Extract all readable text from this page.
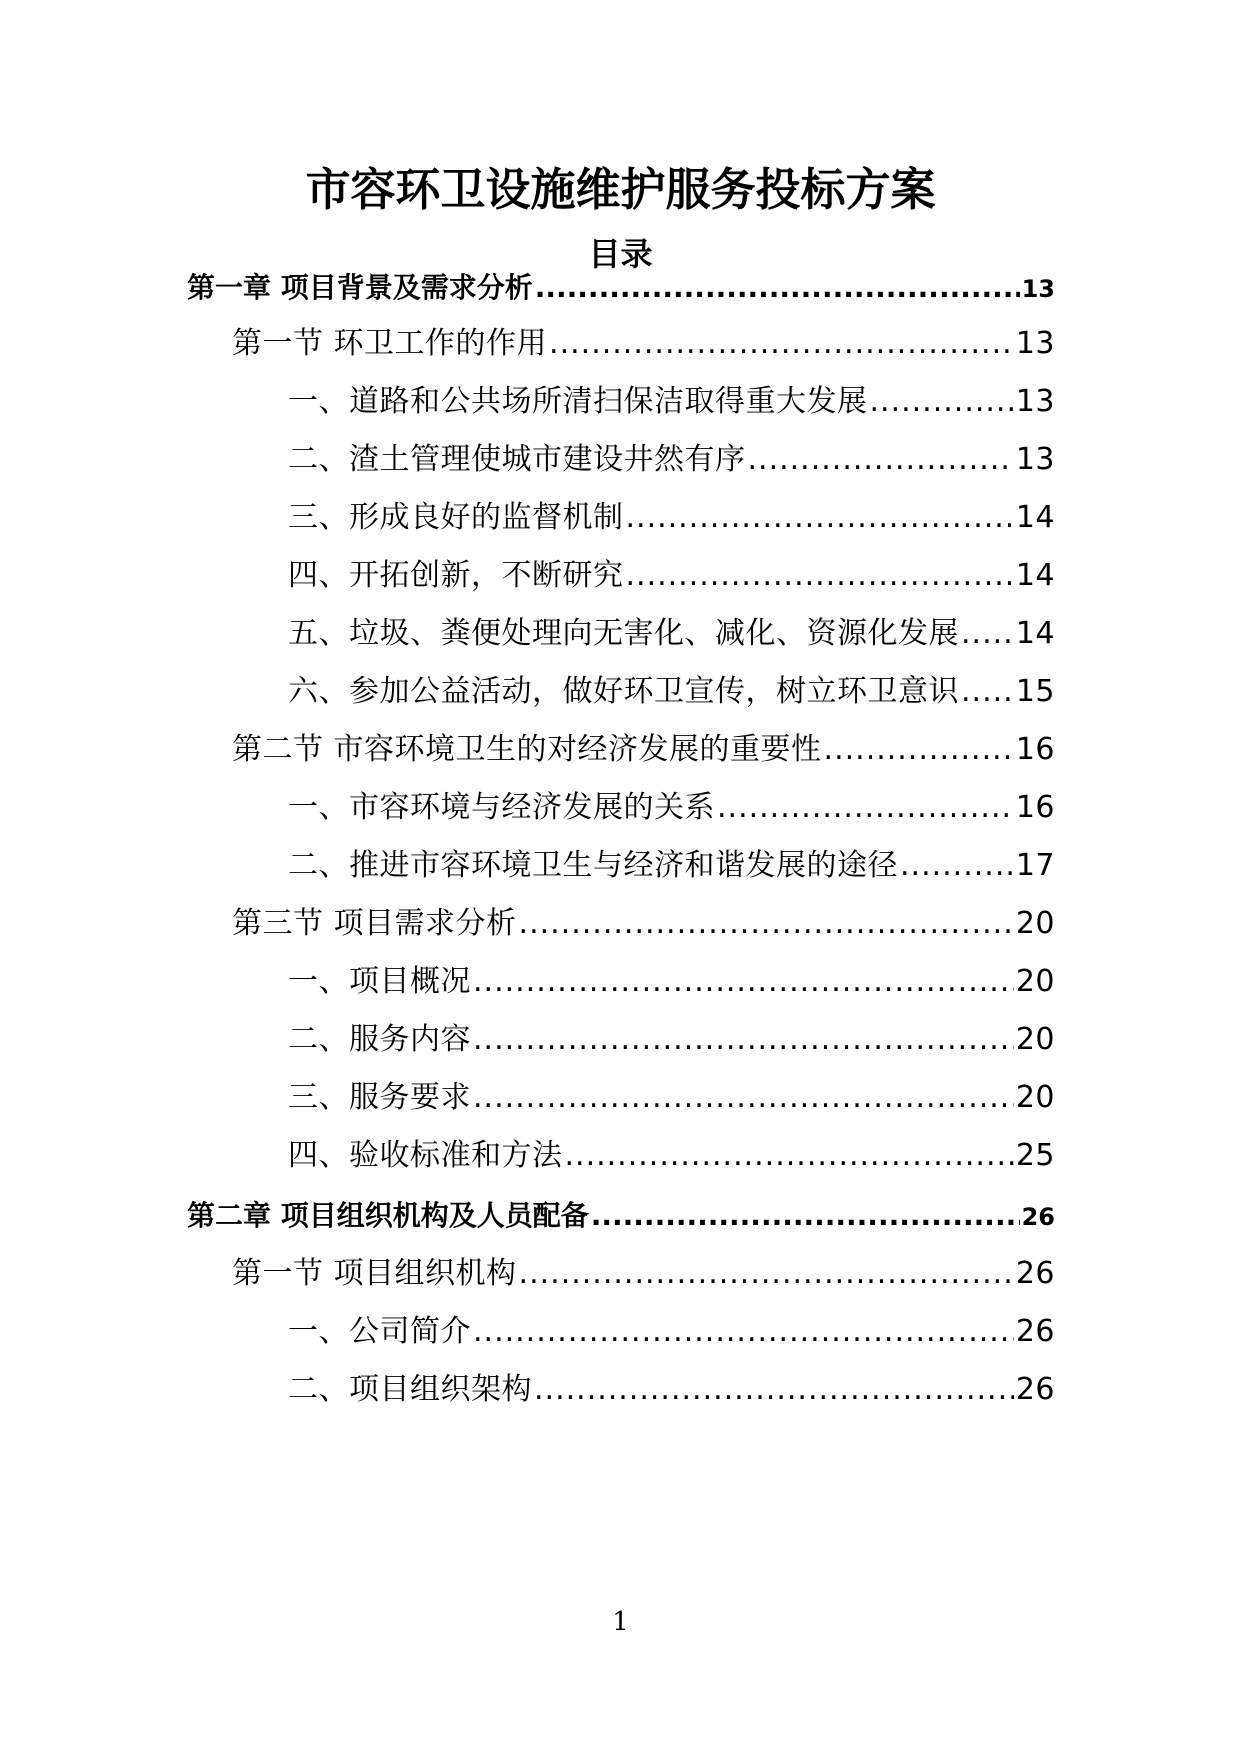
市容环卫设施维护服务投标方案
目录
第一章 项目背景及需求分析 .....	13
第一节 环卫工作的作用 .....	13
一、道路和公共场所清扫保洁取得重大发展 .....	13
二、渣土管理使城市建设井然有序 .....	13
三、形成良好的监督机制 .....	14
四、开拓创新，不断研究 .....	14
五、垃圾、粪便处理向无害化、减化、资源化发展 ..... 14
六、参加公益活动，做好环卫宣传，树立环卫意识 ..... 15
第二节 市容环境卫生的对经济发展的重要性 .....	16
一、市容环境与经济发展的关系 .....	16
二、推进市容环境卫生与经济和谐发展的途径 .....	17
第三节 项目需求分析 .....	20
一、项目概况 .....	20
二、服务内容 .....	20
三、服务要求 .....	20
四、验收标准和方法 .....	25
第二章 项目组织机构及人员配备 .....	26
第一节 项目组织机构 .....	26
一、公司简介 .....	26
二、项目组织架构 .....	26
1
